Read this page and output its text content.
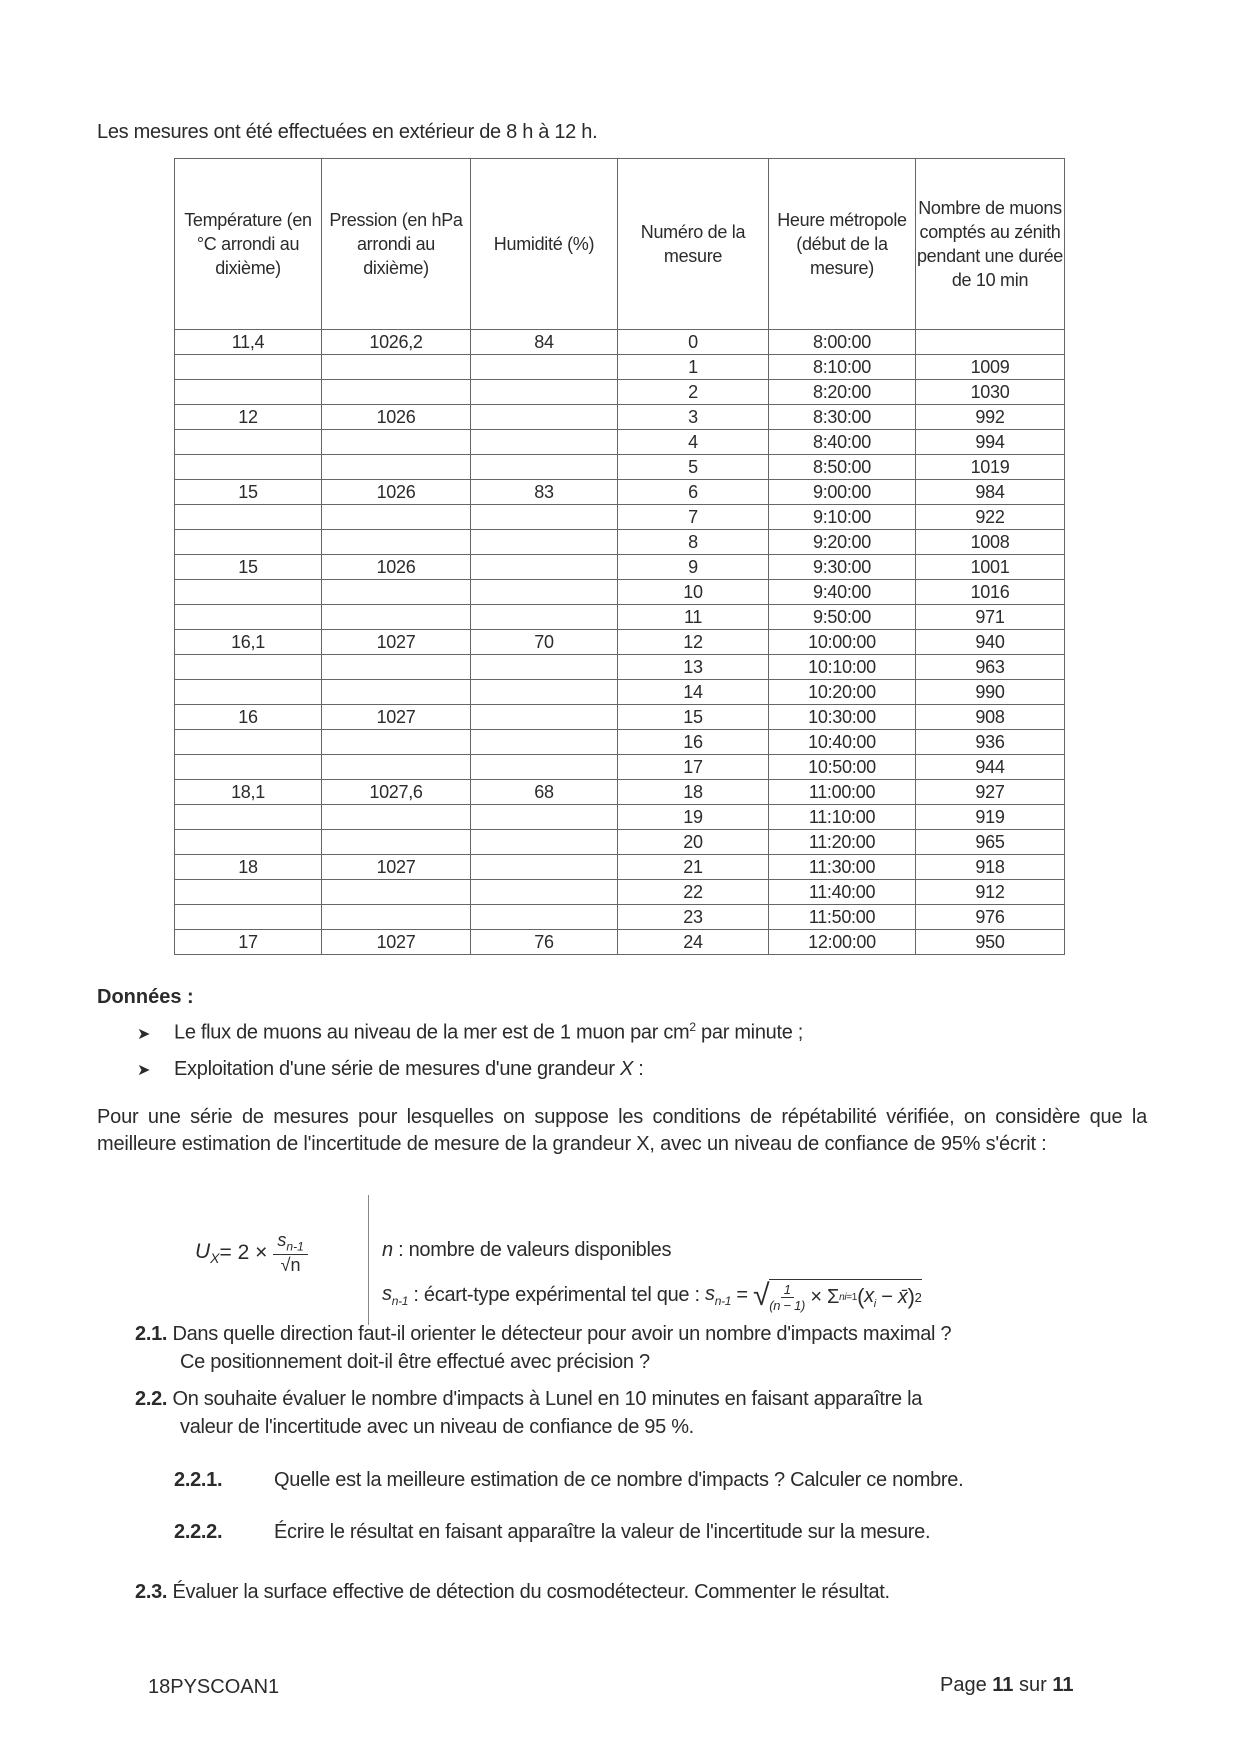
Les mesures ont été effectuées en extérieur de 8 h à 12 h.
Température (en °C arrondi au dixième)	Pression (en hPa arrondi au dixième)	Humidité (%)	Numéro de la mesure	Heure métropole (début de la mesure)	Nombre de muons comptés au zénith pendant une durée de 10 min
11,4	1026,2	84	0	8:00:00	
			1	8:10:00	1009
			2	8:20:00	1030
12	1026		3	8:30:00	992
			4	8:40:00	994
			5	8:50:00	1019
15	1026	83	6	9:00:00	984
			7	9:10:00	922
			8	9:20:00	1008
15	1026		9	9:30:00	1001
			10	9:40:00	1016
			11	9:50:00	971
16,1	1027	70	12	10:00:00	940
			13	10:10:00	963
			14	10:20:00	990
16	1027		15	10:30:00	908
			16	10:40:00	936
			17	10:50:00	944
18,1	1027,6	68	18	11:00:00	927
			19	11:10:00	919
			20	11:20:00	965
18	1027		21	11:30:00	918
			22	11:40:00	912
			23	11:50:00	976
17	1027	76	24	12:00:00	950
Données :
➤	Le flux de muons au niveau de la mer est de 1 muon par $cm^2$ par minute ;
➤	Exploitation d'une série de mesures d'une grandeur X :
Pour une série de mesures pour lesquelles on suppose les conditions de répétabilité vérifiée, on considère que la meilleure estimation de l'incertitude de mesure de la grandeur X, avec un niveau de confiance de 95% s'écrit :
$U_X = 2 \times \frac{s_{n-1}}{√n}$	n
: nombre de valeurs disponibles
$s_{n-1}$
: écart-type expérimental tel que :
$s_{n-1}$ = √ 1
(n − 1) × Σ n i=1 ( $x_i$ − x̄ ) 2
2.1. Dans quelle direction faut-il orienter le détecteur pour avoir un nombre d'impacts maximal ?
Ce positionnement doit-il être effectué avec précision ?
2.2. On souhaite évaluer le nombre d'impacts à Lunel en 10 minutes en faisant apparaître la
valeur de l'incertitude avec un niveau de confiance de 95 %.
2.2.1.	Quelle est la meilleure estimation de ce nombre d'impacts ? Calculer ce nombre.
2.2.2.	Écrire le résultat en faisant apparaître la valeur de l'incertitude sur la mesure.
2.3. Évaluer la surface effective de détection du cosmodétecteur. Commenter le résultat.
18PYSCOAN1	Page 11 sur 11
